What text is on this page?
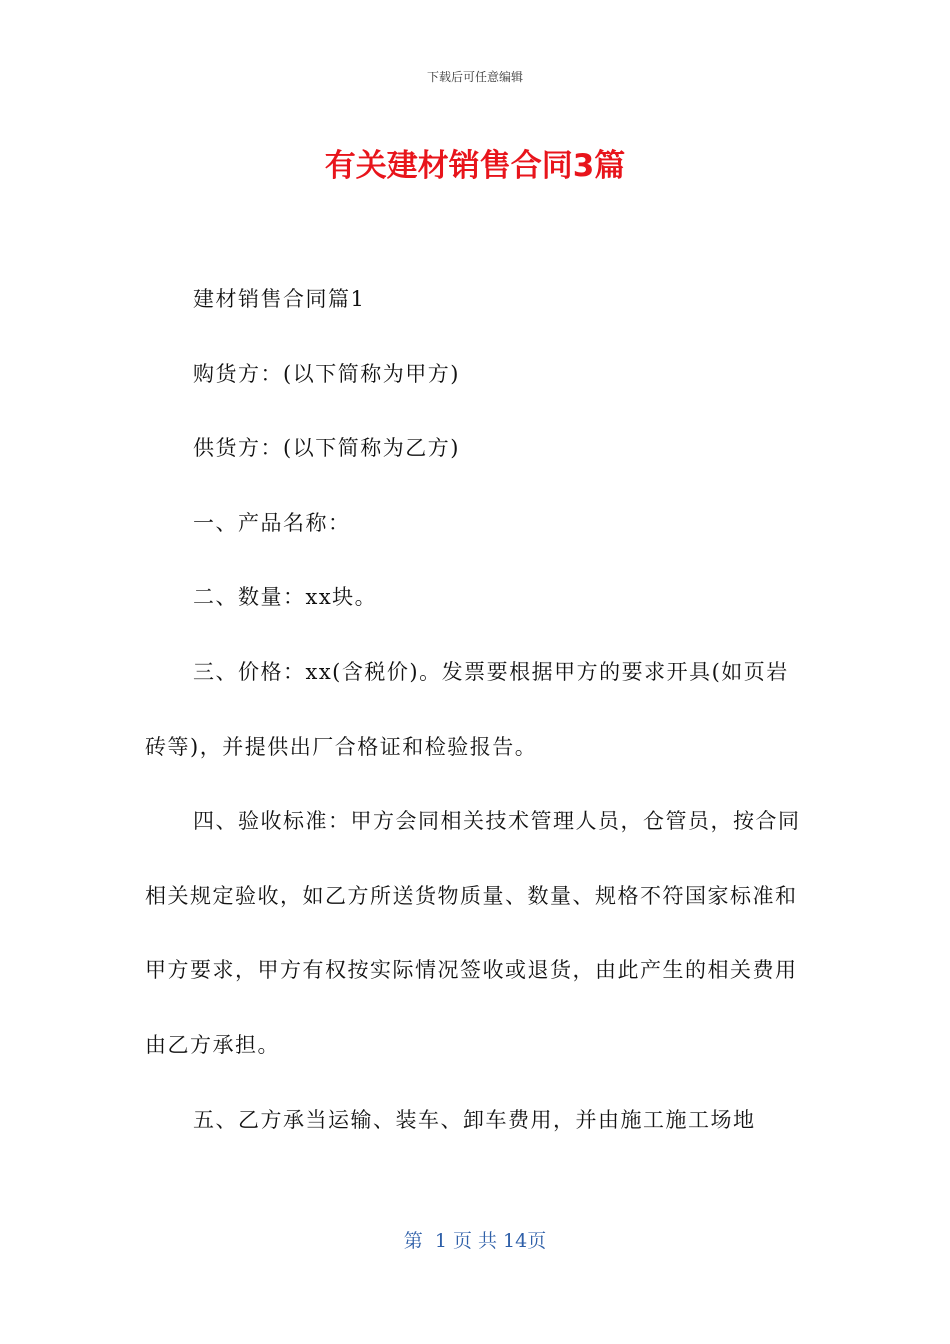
下载后可任意编辑
有关建材销售合同3篇

建材销售合同篇1

购货方：(以下简称为甲方)

供货方：(以下简称为乙方)

一、产品名称：

二、数量：xx块。

三、价格：xx(含税价)。发票要根据甲方的要求开具(如页岩砖等)，并提供出厂合格证和检验报告。

四、验收标准：甲方会同相关技术管理人员，仓管员，按合同相关规定验收，如乙方所送货物质量、数量、规格不符国家标准和甲方要求，甲方有权按实际情况签收或退货，由此产生的相关费用由乙方承担。

五、乙方承当运输、装车、卸车费用，并由施工施工场地

第  1 页 共 14页
